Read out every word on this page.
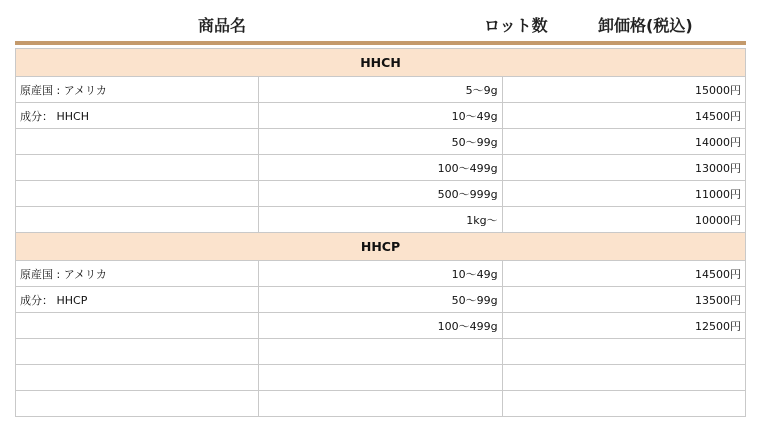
商品名	ロット数	卸価格(税込)
HHCH		
原産国 : アメリカ	5〜9g	15000円
成分： HHCH	10〜49g	14500円
	50〜99g	14000円
	100〜499g	13000円
	500〜999g	11000円
	1kg〜	10000円
HHCP		
原産国 : アメリカ	10〜49g	14500円
成分： HHCP	50〜99g	13500円
	100〜499g	12500円
